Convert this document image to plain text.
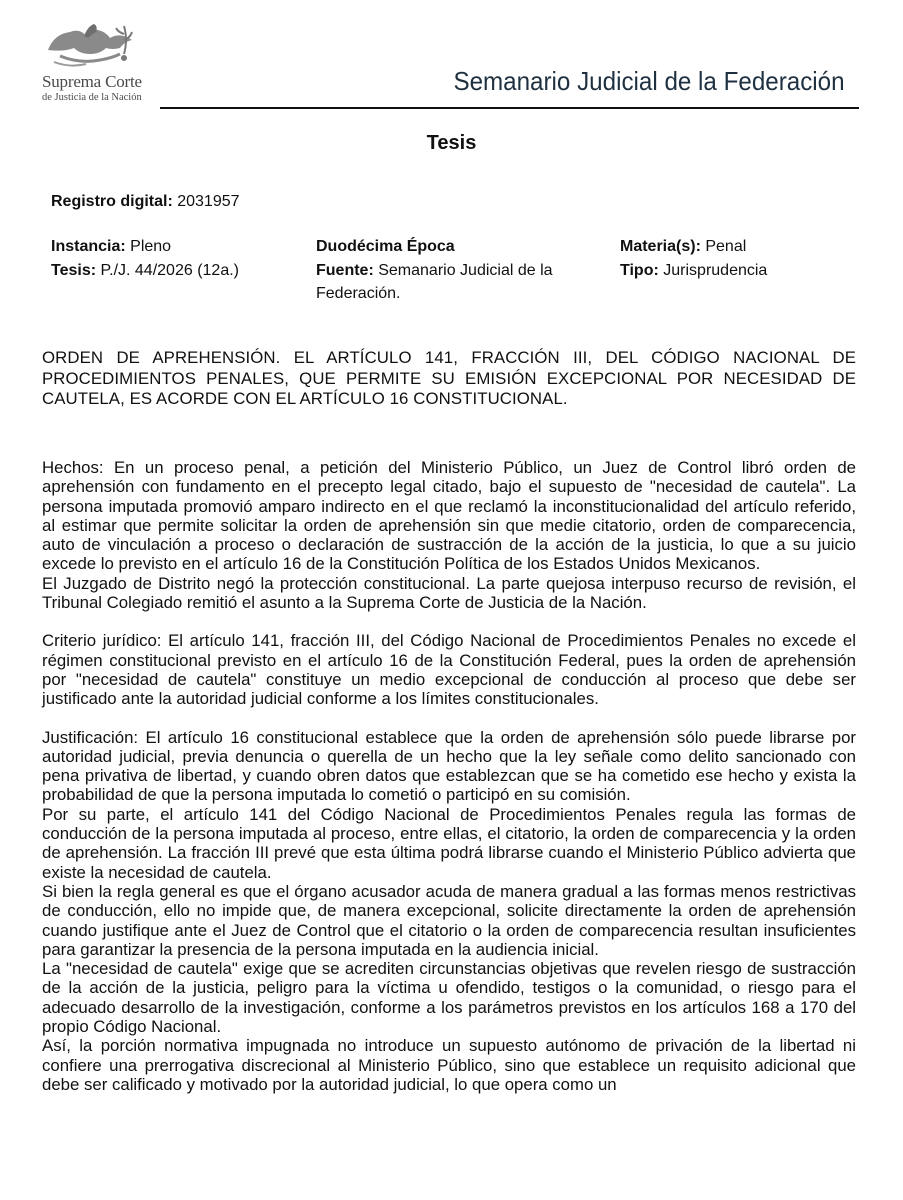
Suprema Corte
de Justicia de la Nación
Semanario Judicial de la Federación
Tesis
Registro digital: 2031957
Instancia: Pleno
Tesis: P./J. 44/2026 (12a.)
Duodécima Época
Fuente: Semanario Judicial de la Federación.
Materia(s): Penal
Tipo: Jurisprudencia
ORDEN DE APREHENSIÓN. EL ARTÍCULO 141, FRACCIÓN III, DEL CÓDIGO NACIONAL DE PROCEDIMIENTOS PENALES, QUE PERMITE SU EMISIÓN EXCEPCIONAL POR NECESIDAD DE CAUTELA, ES ACORDE CON EL ARTÍCULO 16 CONSTITUCIONAL.

Hechos: En un proceso penal, a petición del Ministerio Público, un Juez de Control libró orden de aprehensión con fundamento en el precepto legal citado, bajo el supuesto de "necesidad de cautela". La persona imputada promovió amparo indirecto en el que reclamó la inconstitucionalidad del artículo referido, al estimar que permite solicitar la orden de aprehensión sin que medie citatorio, orden de comparecencia, auto de vinculación a proceso o declaración de sustracción de la acción de la justicia, lo que a su juicio excede lo previsto en el artículo 16 de la Constitución Política de los Estados Unidos Mexicanos.

El Juzgado de Distrito negó la protección constitucional. La parte quejosa interpuso recurso de revisión, el Tribunal Colegiado remitió el asunto a la Suprema Corte de Justicia de la Nación.

Criterio jurídico: El artículo 141, fracción III, del Código Nacional de Procedimientos Penales no excede el régimen constitucional previsto en el artículo 16 de la Constitución Federal, pues la orden de aprehensión por "necesidad de cautela" constituye un medio excepcional de conducción al proceso que debe ser justificado ante la autoridad judicial conforme a los límites constitucionales.

Justificación: El artículo 16 constitucional establece que la orden de aprehensión sólo puede librarse por autoridad judicial, previa denuncia o querella de un hecho que la ley señale como delito sancionado con pena privativa de libertad, y cuando obren datos que establezcan que se ha cometido ese hecho y exista la probabilidad de que la persona imputada lo cometió o participó en su comisión.

Por su parte, el artículo 141 del Código Nacional de Procedimientos Penales regula las formas de conducción de la persona imputada al proceso, entre ellas, el citatorio, la orden de comparecencia y la orden de aprehensión. La fracción III prevé que esta última podrá librarse cuando el Ministerio Público advierta que existe la necesidad de cautela.

Si bien la regla general es que el órgano acusador acuda de manera gradual a las formas menos restrictivas de conducción, ello no impide que, de manera excepcional, solicite directamente la orden de aprehensión cuando justifique ante el Juez de Control que el citatorio o la orden de comparecencia resultan insuficientes para garantizar la presencia de la persona imputada en la audiencia inicial.

La "necesidad de cautela" exige que se acrediten circunstancias objetivas que revelen riesgo de sustracción de la acción de la justicia, peligro para la víctima u ofendido, testigos o la comunidad, o riesgo para el adecuado desarrollo de la investigación, conforme a los parámetros previstos en los artículos 168 a 170 del propio Código Nacional.

Así, la porción normativa impugnada no introduce un supuesto autónomo de privación de la libertad ni confiere una prerrogativa discrecional al Ministerio Público, sino que establece un requisito adicional que debe ser calificado y motivado por la autoridad judicial, lo que opera como un
